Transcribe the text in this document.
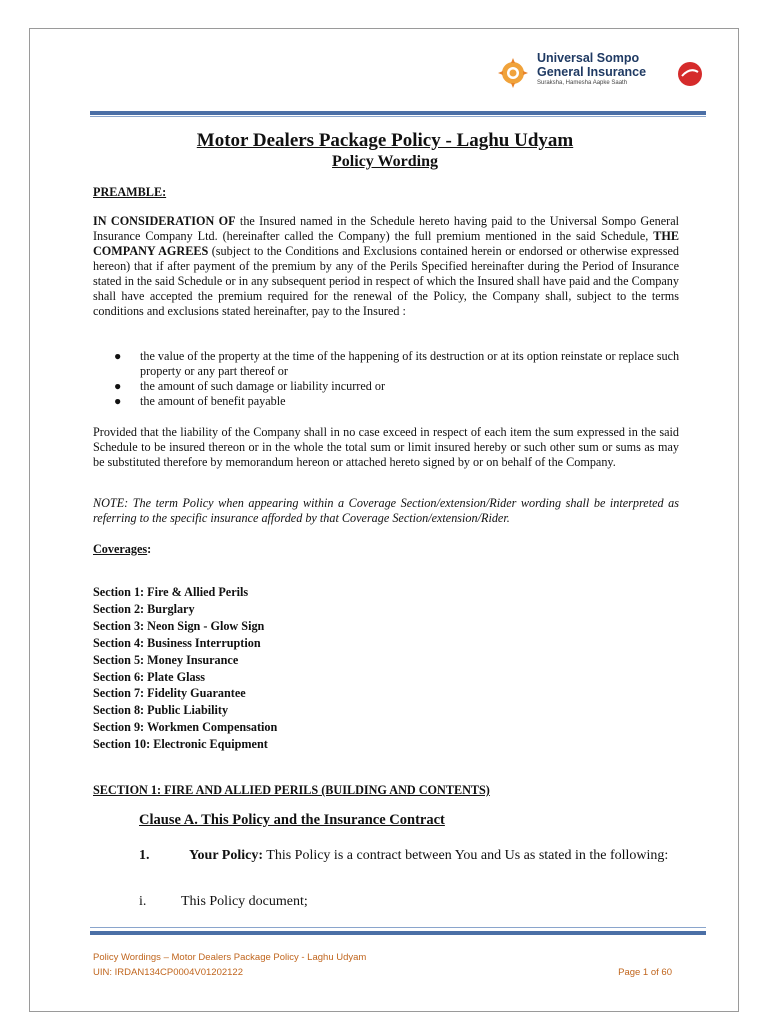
Universal Sompo
General Insurance
Suraksha, Hamesha Aapke Saath
Motor Dealers Package Policy - Laghu Udyam
Policy Wording
PREAMBLE:
IN CONSIDERATION OF the Insured named in the Schedule hereto having paid to the Universal Sompo General Insurance Company Ltd. (hereinafter called the Company) the full premium mentioned in the said Schedule, THE COMPANY AGREES (subject to the Conditions and Exclusions contained herein or endorsed or otherwise expressed hereon) that if after payment of the premium by any of the Perils Specified hereinafter during the Period of Insurance stated in the said Schedule or in any subsequent period in respect of which the Insured shall have paid and the Company shall have accepted the premium required for the renewal of the Policy, the Company shall, subject to the terms conditions and exclusions stated hereinafter, pay to the Insured :
● the value of the property at the time of the happening of its destruction or at its option reinstate or replace such property or any part thereof or
● the amount of such damage or liability incurred or
● the amount of benefit payable
Provided that the liability of the Company shall in no case exceed in respect of each item the sum expressed in the said Schedule to be insured thereon or in the whole the total sum or limit insured hereby or such other sum or sums as may be substituted therefore by memorandum hereon or attached hereto signed by or on behalf of the Company.
NOTE: The term Policy when appearing within a Coverage Section/extension/Rider wording shall be interpreted as referring to the specific insurance afforded by that Coverage Section/extension/Rider.
Coverages:
Section 1: Fire & Allied Perils
Section 2: Burglary
Section 3: Neon Sign - Glow Sign
Section 4: Business Interruption
Section 5: Money Insurance
Section 6: Plate Glass
Section 7: Fidelity Guarantee
Section 8: Public Liability
Section 9: Workmen Compensation
Section 10: Electronic Equipment
SECTION 1: FIRE AND ALLIED PERILS (BUILDING AND CONTENTS)
Clause A. This Policy and the Insurance Contract
1.	Your Policy: This Policy is a contract between You and Us as stated in the following:
i. This Policy document;
Policy Wordings – Motor Dealers Package Policy - Laghu Udyam
UIN: IRDAN134CP0004V01202122	Page 1 of 60
